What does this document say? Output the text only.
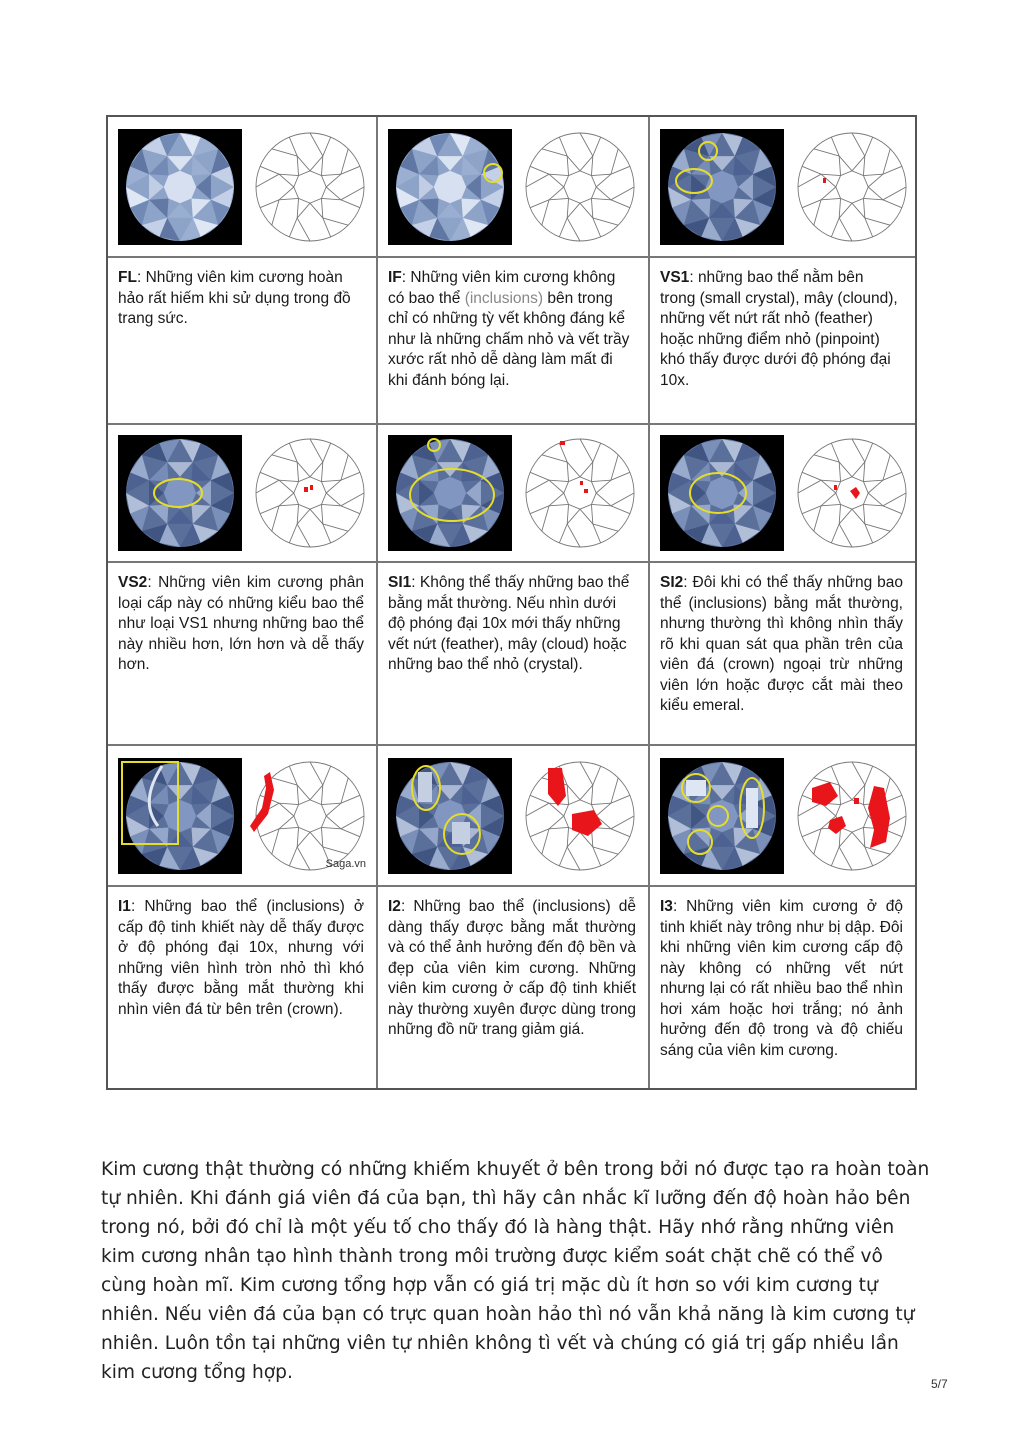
FL: Những viên kim cương hoàn hảo rất hiếm khi sử dụng trong đồ trang sức.
IF: Những viên kim cương không có bao thể (inclusions) bên trong chỉ có những tỳ vết không đáng kể như là những chấm nhỏ và vết trầy xước rất nhỏ dễ dàng làm mất đi khi đánh bóng lại.
VS1: những bao thể nằm bên trong (small crystal), mây (clound), những vết nứt rất nhỏ (feather) hoặc những điểm nhỏ (pinpoint) khó thấy được dưới độ phóng đại 10x.
VS2: Những viên kim cương phân loại cấp này có những kiểu bao thể như loại VS1 nhưng những bao thể này nhiều hơn, lớn hơn và dễ thấy hơn.
SI1: Không thể thấy những bao thể bằng mắt thường. Nếu nhìn dưới độ phóng đại 10x mới thấy những vết nứt (feather), mây (cloud) hoặc những bao thể nhỏ (crystal).
SI2: Đôi khi có thể thấy những bao thể (inclusions) bằng mắt thường, nhưng thường thì không nhìn thấy rõ khi quan sát qua phần trên của viên đá (crown) ngoại trừ những viên lớn hoặc được cắt mài theo kiểu emeral.
Saga.vn
I1: Những bao thể (inclusions) ở cấp độ tinh khiết này dễ thấy được ở độ phóng đại 10x, nhưng với những viên hình tròn nhỏ thì khó thấy được bằng mắt thường khi nhìn viên đá từ bên trên (crown).
I2: Những bao thể (inclusions) dễ dàng thấy được bằng mắt thường và có thể ảnh hưởng đến độ bền và đẹp của viên kim cương. Những viên kim cương ở cấp độ tinh khiết này thường xuyên được dùng trong những đồ nữ trang giảm giá.
I3: Những viên kim cương ở độ tinh khiết này trông như bị dập. Đôi khi những viên kim cương cấp độ này không có những vết nứt nhưng lại có rất nhiều bao thể nhìn hơi xám hoặc hơi trắng; nó ảnh hưởng đến độ trong và độ chiếu sáng của viên kim cương.

Kim cương thật thường có những khiếm khuyết ở bên trong bởi nó được tạo ra hoàn toàn tự nhiên. Khi đánh giá viên đá của bạn, thì hãy cân nhắc kĩ lưỡng đến độ hoàn hảo bên trong nó, bởi đó chỉ là một yếu tố cho thấy đó là hàng thật. Hãy nhớ rằng những viên kim cương nhân tạo hình thành trong môi trường được kiểm soát chặt chẽ có thể vô cùng hoàn mĩ. Kim cương tổng hợp vẫn có giá trị mặc dù ít hơn so với kim cương tự nhiên. Nếu viên đá của bạn có trực quan hoàn hảo thì nó vẫn khả năng là kim cương tự nhiên. Luôn tồn tại những viên tự nhiên không tì vết và chúng có giá trị gấp nhiều lần kim cương tổng hợp.

5/7
